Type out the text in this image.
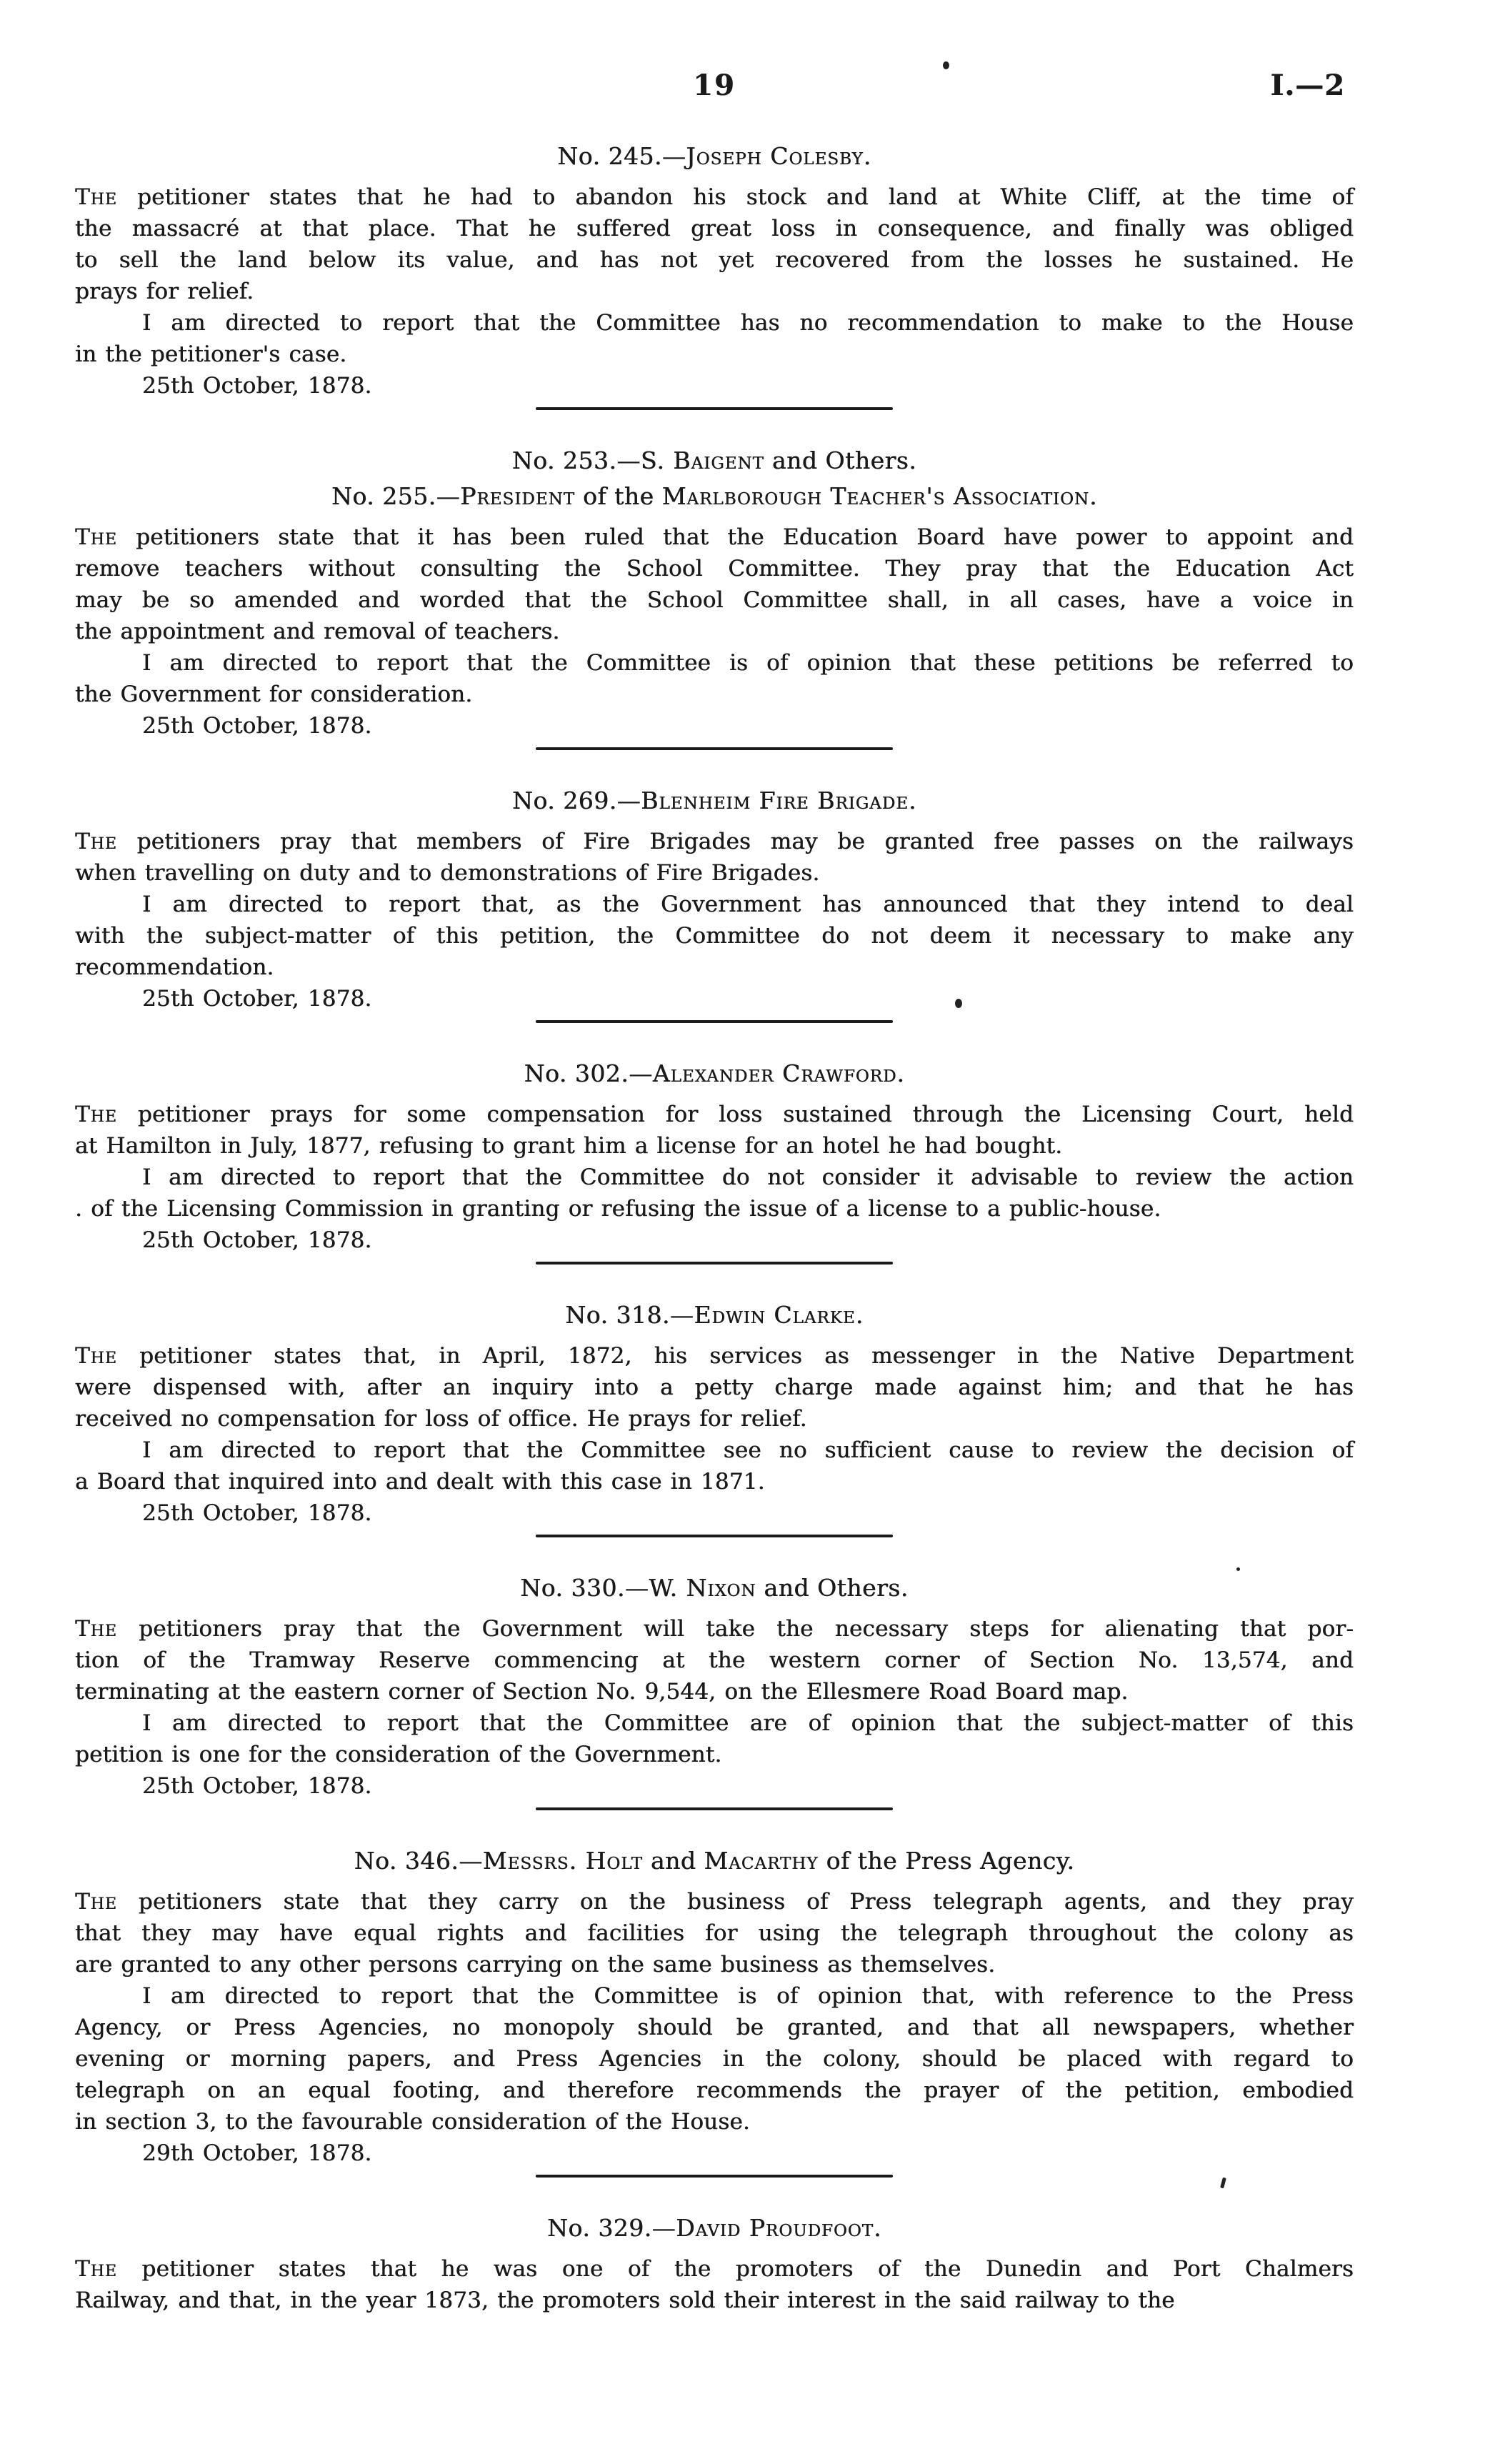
19	I.—2
No. 245.—Joseph Colesby.
The petitioner states that he had to abandon his stock and land at White Cliff, at the time of
the massacré at that place. That he suffered great loss in consequence, and finally was obliged
to sell the land below its value, and has not yet recovered from the losses he sustained. He
prays for relief.
I am directed to report that the Committee has no recommendation to make to the House
in the petitioner's case.
25th October, 1878.
No. 253.—S. Baigent and Others.
No. 255.—President of the Marlborough Teacher's Association.
The petitioners state that it has been ruled that the Education Board have power to appoint and
remove teachers without consulting the School Committee. They pray that the Education Act
may be so amended and worded that the School Committee shall, in all cases, have a voice in
the appointment and removal of teachers.
I am directed to report that the Committee is of opinion that these petitions be referred to
the Government for consideration.
25th October, 1878.
No. 269.—Blenheim Fire Brigade.
The petitioners pray that members of Fire Brigades may be granted free passes on the railways
when travelling on duty and to demonstrations of Fire Brigades.
I am directed to report that, as the Government has announced that they intend to deal
with the subject-matter of this petition, the Committee do not deem it necessary to make any
recommendation.
25th October, 1878.
No. 302.—Alexander Crawford.
The petitioner prays for some compensation for loss sustained through the Licensing Court, held
at Hamilton in July, 1877, refusing to grant him a license for an hotel he had bought.
I am directed to report that the Committee do not consider it advisable to review the action
. of the Licensing Commission in granting or refusing the issue of a license to a public-house.
25th October, 1878.
No. 318.—Edwin Clarke.
The petitioner states that, in April, 1872, his services as messenger in the Native Department
were dispensed with, after an inquiry into a petty charge made against him; and that he has
received no compensation for loss of office. He prays for relief.
I am directed to report that the Committee see no sufficient cause to review the decision of
a Board that inquired into and dealt with this case in 1871.
25th October, 1878.
No. 330.—W. Nixon and Others.
The petitioners pray that the Government will take the necessary steps for alienating that por-
tion of the Tramway Reserve commencing at the western corner of Section No. 13,574, and
terminating at the eastern corner of Section No. 9,544, on the Ellesmere Road Board map.
I am directed to report that the Committee are of opinion that the subject-matter of this
petition is one for the consideration of the Government.
25th October, 1878.
No. 346.—Messrs. Holt and Macarthy of the Press Agency.
The petitioners state that they carry on the business of Press telegraph agents, and they pray
that they may have equal rights and facilities for using the telegraph throughout the colony as
are granted to any other persons carrying on the same business as themselves.
I am directed to report that the Committee is of opinion that, with reference to the Press
Agency, or Press Agencies, no monopoly should be granted, and that all newspapers, whether
evening or morning papers, and Press Agencies in the colony, should be placed with regard to
telegraph on an equal footing, and therefore recommends the prayer of the petition, embodied
in section 3, to the favourable consideration of the House.
29th October, 1878.
No. 329.—David Proudfoot.
The petitioner states that he was one of the promoters of the Dunedin and Port Chalmers
Railway, and that, in the year 1873, the promoters sold their interest in the said railway to the
